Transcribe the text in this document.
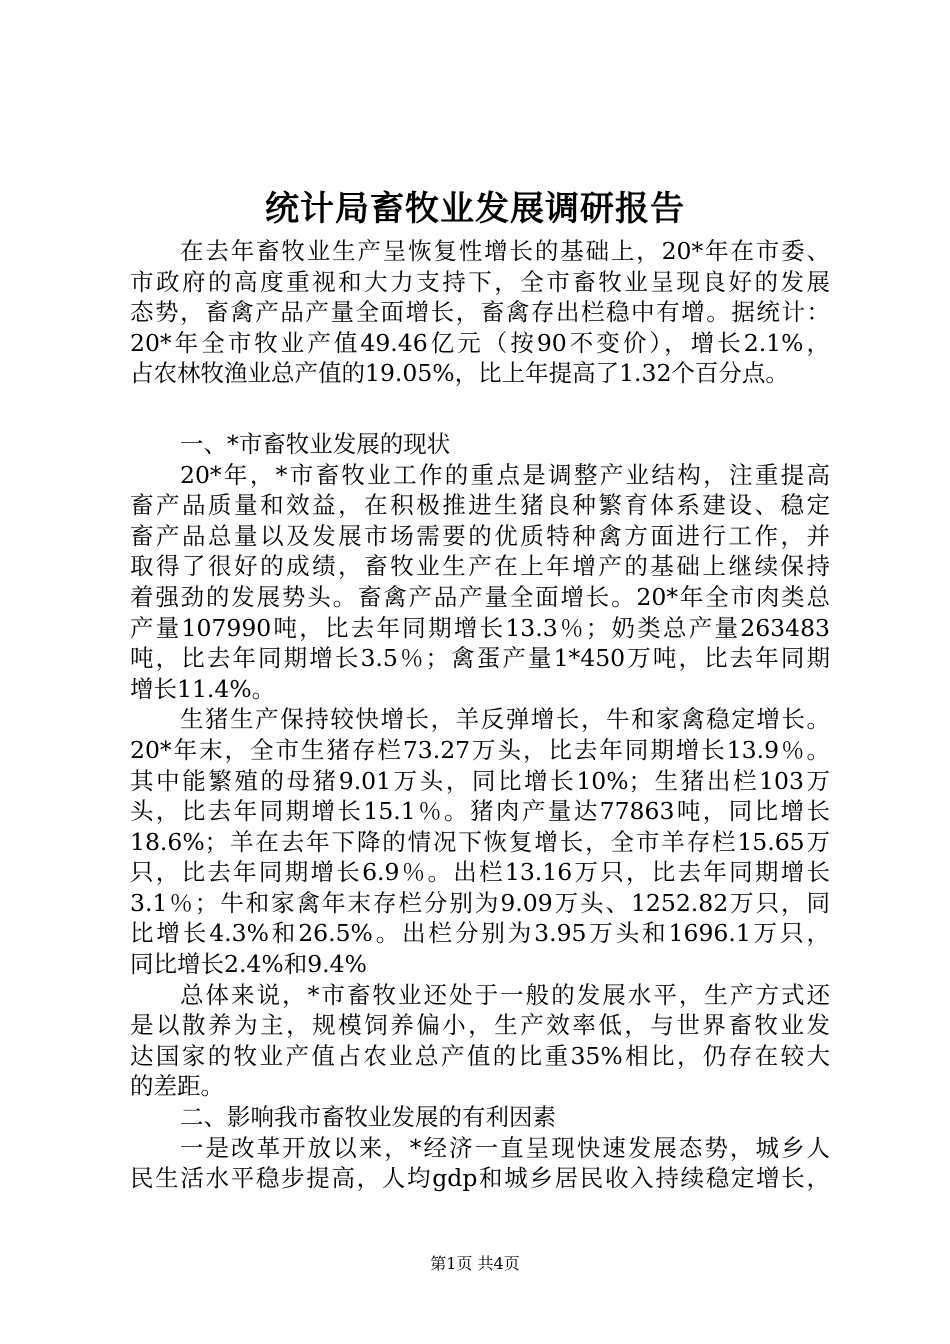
统计局畜牧业发展调研报告
在去年畜牧业生产呈恢复性增长的基础上，20*年在市委、
市政府的高度重视和大力支持下，全市畜牧业呈现良好的发展
态势，畜禽产品产量全面增长，畜禽存出栏稳中有增。据统计：
20*年全市牧业产值49.46亿元（按90不变价），增长2.1%，
占农林牧渔业总产值的19.05%，比上年提高了1.32个百分点。
一、*市畜牧业发展的现状
20*年，*市畜牧业工作的重点是调整产业结构，注重提高
畜产品质量和效益，在积极推进生猪良种繁育体系建设、稳定
畜产品总量以及发展市场需要的优质特种禽方面进行工作，并
取得了很好的成绩，畜牧业生产在上年增产的基础上继续保持
着强劲的发展势头。畜禽产品产量全面增长。20*年全市肉类总
产量107990吨，比去年同期增长13.3％；奶类总产量263483
吨，比去年同期增长3.5％；禽蛋产量1*450万吨，比去年同期
增长11.4%。
生猪生产保持较快增长，羊反弹增长，牛和家禽稳定增长。
20*年末，全市生猪存栏73.27万头，比去年同期增长13.9％。
其中能繁殖的母猪9.01万头，同比增长10%；生猪出栏103万
头，比去年同期增长15.1％。猪肉产量达77863吨，同比增长
18.6%；羊在去年下降的情况下恢复增长，全市羊存栏15.65万
只，比去年同期增长6.9％。出栏13.16万只，比去年同期增长
3.1％；牛和家禽年末存栏分别为9.09万头、1252.82万只，同
比增长4.3%和26.5%。出栏分别为3.95万头和1696.1万只，
同比增长2.4%和9.4%
总体来说，*市畜牧业还处于一般的发展水平，生产方式还
是以散养为主，规模饲养偏小，生产效率低，与世界畜牧业发
达国家的牧业产值占农业总产值的比重35%相比，仍存在较大
的差距。
二、影响我市畜牧业发展的有利因素
一是改革开放以来，*经济一直呈现快速发展态势，城乡人
民生活水平稳步提高，人均gdp和城乡居民收入持续稳定增长，
第1页 共4页
